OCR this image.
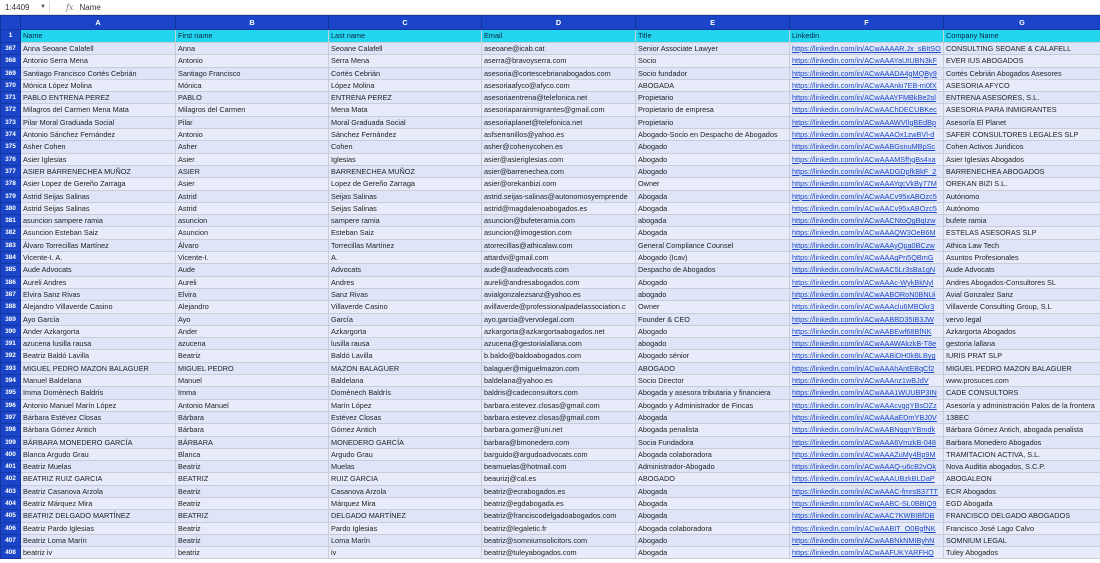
1:4409 ▼	fx Name
	A	B	C	D	E	F	G
1	Name	First name	Last name	Email	Title	Linkedin	Company Name
367	Anna Seoane Calafell	Anna	Seoane Calafell	aseoane@icab.cat	Senior Associate Lawyer	https://linkedin.com/in/ACwAAAAR.Jx_sBItSO	CONSULTING SEOANE & CALAFELL
368	Antonio Serra Mena	Antonio	Serra Mena	aserra@bravoyserra.com	Socio	https://linkedin.com/in/ACwAAAYaUtUBN3kF	EVER IUS ABOGADOS
369	Santiago Francisco Cortés Cebrián	Santiago Francisco	Cortés Cebrián	asesoria@cortescebrianabogados.com	Socio fundador	https://linkedin.com/in/ACwAAADA4gMQBy9	Cortés Cebrián Abogados Asesores
370	Mónica López Molina	Mónica	López Molina	asesoriaafyco@afyco.com	ABOGADA	https://linkedin.com/in/ACwAAAnki7EB-m0fX	ASESORIA AFYCO
371	PABLO ENTRENA PEREZ	PABLO	ENTRENA PEREZ	asesoriaentrena@telefonica.net	Propietario	https://linkedin.com/in/ACwAAAYFMBkBe2sl	ENTRENA ASESORES, S.L.
372	Milagros del Carmen Mena Mata	Milagros del Carmen	Mena Mata	asesoriaparainmigrantes@gmail.com	Propietario de empresa	https://linkedin.com/in/ACwAAChDECUBKec	ASESORIA PARA INMIGRANTES
373	Pilar Moral Graduada Social	Pilar	Moral Graduada Social	asesoriaplanet@telefonica.net	Propietario	https://linkedin.com/in/ACwAAAWVIlgBEdBp	Asesoría El Planet
374	Antonio Sánchez Fernández	Antonio	Sánchez Fernández	asfserranillos@yahoo.es	Abogado-Socio en Despacho de Abogados	https://linkedin.com/in/ACwAAAOx1zwBVl-d	SAFER CONSULTORES LEGALES SLP
375	Asher Cohen	Asher	Cohen	asher@cohenycohen.es	Abogado	https://linkedin.com/in/ACwAABGsnuMBpSc	Cohen Activos Juridicos
376	Asier Iglesias	Asier	Iglesias	asier@asieriglesias.com	Abogado	https://linkedin.com/in/ACwAAAMSfhgBs4xa	Asier Iglesias Abogados
377	ASIER BARRENECHEA MUÑOZ	ASIER	BARRENECHEA MUÑOZ	asier@barrenechea.com	Abogado	https://linkedin.com/in/ACwAADGDpfkBkF_2	BARRENECHEA ABOGADOS
378	Asier Lopez de Gereño Zarraga	Asier	Lopez de Gereño Zarraga	asier@orekanbizi.com	Owner	https://linkedin.com/in/ACwAAAYqcVkBy77M	OREKAN BIZI S.L.
379	Astrid Seijas Salinas	Astrid	Seijas Salinas	astrid.seijas-salinas@autonomosyemprende	Abogada	https://linkedin.com/in/ACwAACv95xABOzc5	Autónomo
380	Astrid Seijas Salinas	Astrid	Seijas Salinas	astrid@magdalenoabogados.es	Abogada	https://linkedin.com/in/ACwAACv95xABOzc5	Autónomo
381	asuncion sampere ramia	asuncion	sampere ramia	asuncion@bufeteramia.com	abogada	https://linkedin.com/in/ACwAACNtoQgBqIzw	bufete ramia
382	Asuncion Esteban Saiz	Asuncion	Esteban Saiz	asuncion@imogestion.com	Abogada	https://linkedin.com/in/ACwAAAQW3OeB6M	ESTELAS ASESORAS SLP
383	Álvaro Torrecillas Martínez	Álvaro	Torrecillas Martínez	atorrecillas@athicalaw.com	General Compliance Counsel	https://linkedin.com/in/ACwAAAyQpa0BCzw	Athica Law Tech
384	Vicente-I. A.	Vicente-I.	A.	attardvi@gmail.com	Abogado (Icav)	https://linkedin.com/in/ACwAAAgPn5QBmG	Asuntos Profesionales
385	Aude Advocats	Aude	Advocats	aude@audeadvocats.com	Despacho de Abogados	https://linkedin.com/in/ACwAAC5Lr3sBa1gN	Aude Advocats
386	Aureli Andres	Aureli	Andres	aureli@andresabogados.com	Abogado	https://linkedin.com/in/ACwAAAc-WykBkNyl	Andres Abogados-Consultores SL
387	Elvira Sanz Rivas	Elvira	Sanz Rivas	avialgonzalezsanz@yahoo.es	abogado	https://linkedin.com/in/ACwAABORoN0BNUi	Avial Gonzalez Sanz
388	Alejandro Villaverde Casino	Alejandro	Villaverde Casino	avillaverde@professionalpadelassociation.c	Owner	https://linkedin.com/in/ACwAAAclu6MBOkr3	Villaverde Consulting Group, S.L
389	Ayo García	Ayo	García	ayo.garcia@vervolegal.com	Founder & CEO	https://linkedin.com/in/ACwAABBD35IB3JW	vervo legal
390	Ander Azkargorta	Ander	Azkargorta	azkargorta@azkargortaabogados.net	Abogado	https://linkedin.com/in/ACwAABEwf68BfNK	Azkargorta Abogados
391	azucena lusilla rausa	azucena	lusilla rausa	azucena@gestorialallana.com	abogado	https://linkedin.com/in/ACwAAAWAkzkB-T8e	gestoria lallana
392	Beatriz Baldó Lavilla	Beatriz	Baldó Lavilla	b.baldo@baldoabogados.com	Abogado sénior	https://linkedin.com/in/ACwAABiDH0kBLByg	IURIS PRAT SLP
393	MIGUEL PEDRO MAZON BALAGUER	MIGUEL PEDRO	MAZON BALAGUER	balaguer@miguelmazon.com	ABOGADO	https://linkedin.com/in/ACwAAAhAntEBqCf2	MIGUEL PEDRO MAZON BALAGUER
394	Manuel Baldelana	Manuel	Baldelana	baldelana@yahoo.es	Socio Director	https://linkedin.com/in/ACwAAAnz1wBJdV	www.prosuces.com
395	Imma Domènech Baldrís	Imma	Domènech Baldrís	baldris@cadeconsultors.com	Abogada y asesora tributaria y financiera	https://linkedin.com/in/ACwAAA1WUUBP3IN	CADE CONSULTORS
396	Antonio Manuel Marín López	Antonio Manuel	Marín López	barbara.estevez.closas@gmail.com	Abogado y Administrador de Fincas	https://linkedin.com/in/ACwAAAcvgqYBsOZz	Asesoría y administración Palos de la frontera
397	Bárbara Estévez Closas	Bárbara	Estévez Closas	barbara.estevez.closas@gmail.com	Abogada	https://linkedin.com/in/ACwAAAaEDmYBJ0V	13BEC
398	Bárbara Gómez Antich	Bárbara	Gómez Antich	barbara.gomez@uni.net	Abogada penalista	https://linkedin.com/in/ACwAABNqqnYBmdk	Bárbara Gómez Antich, abogada penalista
399	BÁRBARA MONEDERO GARCÍA	BÁRBARA	MONEDERO GARCÍA	barbara@bmonedero.com	Socia Fundadora	https://linkedin.com/in/ACwAAA6VmzkB-048	Barbara Monedero Abogados
400	Blanca Argudo Grau	Blanca	Argudo Grau	barguido@argudoadvocats.com	Abogada colaboradora	https://linkedin.com/in/ACwAAAZuMy4Bp9M	TRAMITACION ACTIVA, S.L.
401	Beatriz Muelas	Beatriz	Muelas	beamuelas@hotmail.com	Administrador-Abogado	https://linkedin.com/in/ACwAAAQ-u6cB2vOk	Nova Auditia abogados, S.C.P.
402	BEATRIZ RUIZ GARCIA	BEATRIZ	RUIZ GARCIA	beaurizj@cal.es	ABOGADO	https://linkedin.com/in/ACwAAAUBzkBLDaP	ABOGALEON
403	Beatriz Casanova Arzola	Beatriz	Casanova Arzola	beatriz@ecrabogados.es	Abogada	https://linkedin.com/in/ACwAAAC-fmrsB37TT	ECR Abogados
404	Beatriz Márquez Mira	Beatriz	Márquez Mira	beatriz@egdabogada.es	Abogada	https://linkedin.com/in/ACwAABC-SL0BBIQ9	EGD Abogada
405	BEATRIZ DELGADO MARTÍNEZ	BEATRIZ	DELGADO MARTÍNEZ	beatriz@franciscodelgadoabogados.com	Abogada	https://linkedin.com/in/ACwAAC7KWBIBfDB	FRANCISCO DELGADO ABOGADOS
406	Beatriz Pardo Iglesias	Beatriz	Pardo Iglesias	beatriz@legaletic.fr	Abogada colaboradora	https://linkedin.com/in/ACwAABIT_O0BgfNK	Francisco José Lago Calvo
407	Beatriz Loma Marín	Beatriz	Loma Marín	beatriz@somniumsolicitors.com	Abogado	https://linkedin.com/in/ACwAABNkNMIByhN	SOMNIUM LEGAL
408	beatriz iv	beatriz	iv	beatriz@tuleyabogados.com	Abogada	https://linkedin.com/in/ACwAAFUKYARFHQ	Tuley Abogados
